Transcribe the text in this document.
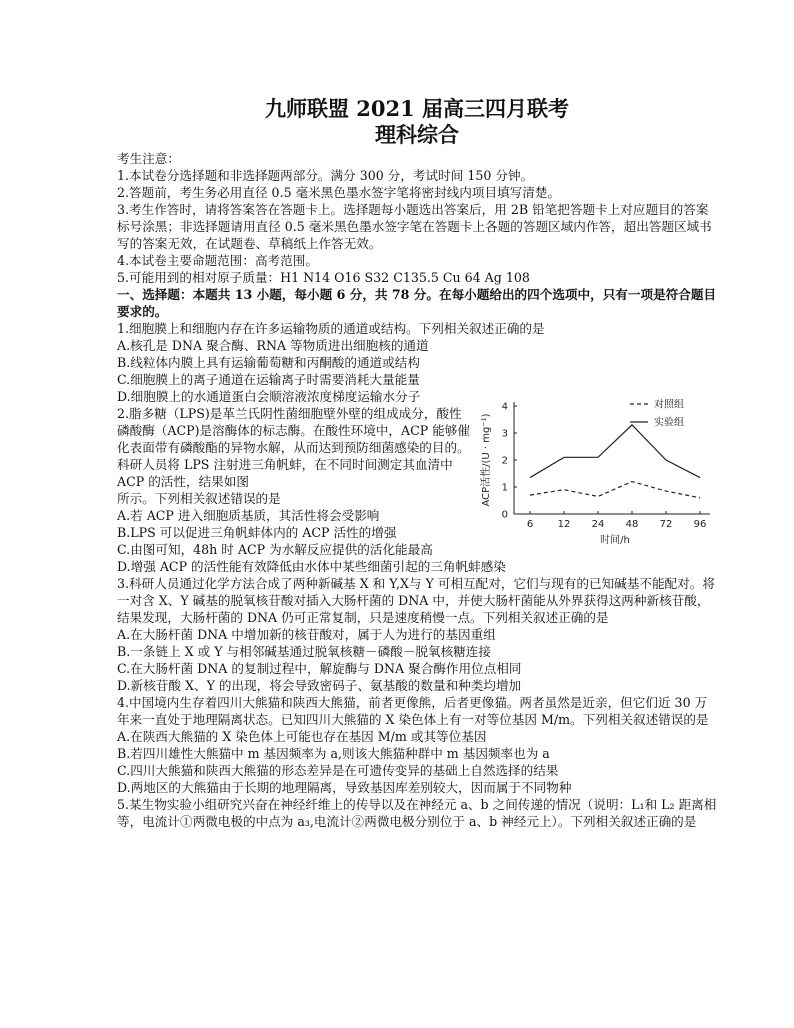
九师联盟 2021 届高三四月联考
理科综合
考生注意：
1.本试卷分选择题和非选择题两部分。满分 300 分，考试时间 150 分钟。
2.答题前，考生务必用直径 0.5 毫米黑色墨水签字笔将密封线内项目填写清楚。
3.考生作答时，请将答案答在答题卡上。选择题每小题选出答案后，用 2B 铅笔把答题卡上对应题目的答案标号涂黑；非选择题请用直径 0.5 毫米黑色墨水签字笔在答题卡上各题的答题区域内作答，超出答题区域书写的答案无效，在试题卷、草稿纸上作答无效。
4.本试卷主要命题范围：高考范围。
5.可能用到的相对原子质量：H1 N14 O16 S32 C135.5 Cu 64 Ag 108
一、选择题：本题共 13 小题，每小题 6 分，共 78 分。在每小题给出的四个选项中，只有一项是符合题目要求的。
1.细胞膜上和细胞内存在许多运输物质的通道或结构。下列相关叙述正确的是
A.核孔是 DNA 聚合酶、RNA 等物质进出细胞核的通道
B.线粒体内膜上具有运输葡萄糖和丙酮酸的通道或结构
C.细胞膜上的离子通道在运输离子时需要消耗大量能量
D.细胞膜上的水通道蛋白会顺溶液浓度梯度运输水分子
2.脂多糖（LPS)是革兰氏阴性菌细胞壁外壁的组成成分，酸性磷酸酶（ACP)是溶酶体的标志酶。在酸性环境中，ACP 能够催化表面带有磷酸酯的异物水解，从而达到预防细菌感染的目的。科研人员将 LPS 注射进三角帆蚌，在不同时间测定其血清中 ACP 的活性，结果如图
所示。下列相关叙述错误的是
A.若 ACP 进入细胞质基质，其活性将会受影响
B.LPS 可以促进三角帆蚌体内的 ACP 活性的增强
C.由图可知，48h 时 ACP 为水解反应提供的活化能最高
D.增强 ACP 的活性能有效降低由水体中某些细菌引起的三角帆蚌感染
3.科研人员通过化学方法合成了两种新碱基 X 和 Y,X与 Y 可相互配对，它们与现有的已知碱基不能配对。将一对含 X、Y 碱基的脱氧核苷酸对插入大肠杆菌的 DNA 中，并使大肠杆菌能从外界获得这两种新核苷酸，结果发现，大肠杆菌的 DNA 仍可正常复制，只是速度稍慢一点。下列相关叙述正确的是
A.在大肠杆菌 DNA 中增加新的核苷酸对，属于人为进行的基因重组
B.一条链上 X 或 Y 与相邻碱基通过脱氧核糖－磷酸－脱氧核糖连接
C.在大肠杆菌 DNA 的复制过程中，解旋酶与 DNA 聚合酶作用位点相同
D.新核苷酸 X、Y 的出现，将会导致密码子、氨基酸的数量和种类均增加
4.中国境内生存着四川大熊猫和陕西大熊猫，前者更像熊，后者更像猫。两者虽然是近亲，但它们近 30 万年来一直处于地理隔离状态。已知四川大熊猫的 X 染色体上有一对等位基因 M/m。下列相关叙述错误的是
A.在陕西大熊猫的 X 染色体上可能也存在基因 M/m 或其等位基因
B.若四川雄性大熊猫中 m 基因频率为 a,则该大熊猫种群中 m 基因频率也为 a
C.四川大熊猫和陕西大熊猫的形态差异是在可遗传变异的基础上自然选择的结果
D.两地区的大熊猫由于长期的地理隔离，导致基因库差别较大，因而属于不同物种
5.某生物实验小组研究兴奋在神经纤维上的传导以及在神经元 a、b 之间传递的情况（说明：L₁和 L₂ 距离相等，电流计①两微电极的中点为 a₃,电流计②两微电极分别位于 a、b 神经元上）。下列相关叙述正确的是
0
1
2
3
4
6 12 24 48 72 96
对照组
实验组
ACP活性/(U · mg⁻¹)
时间/h
